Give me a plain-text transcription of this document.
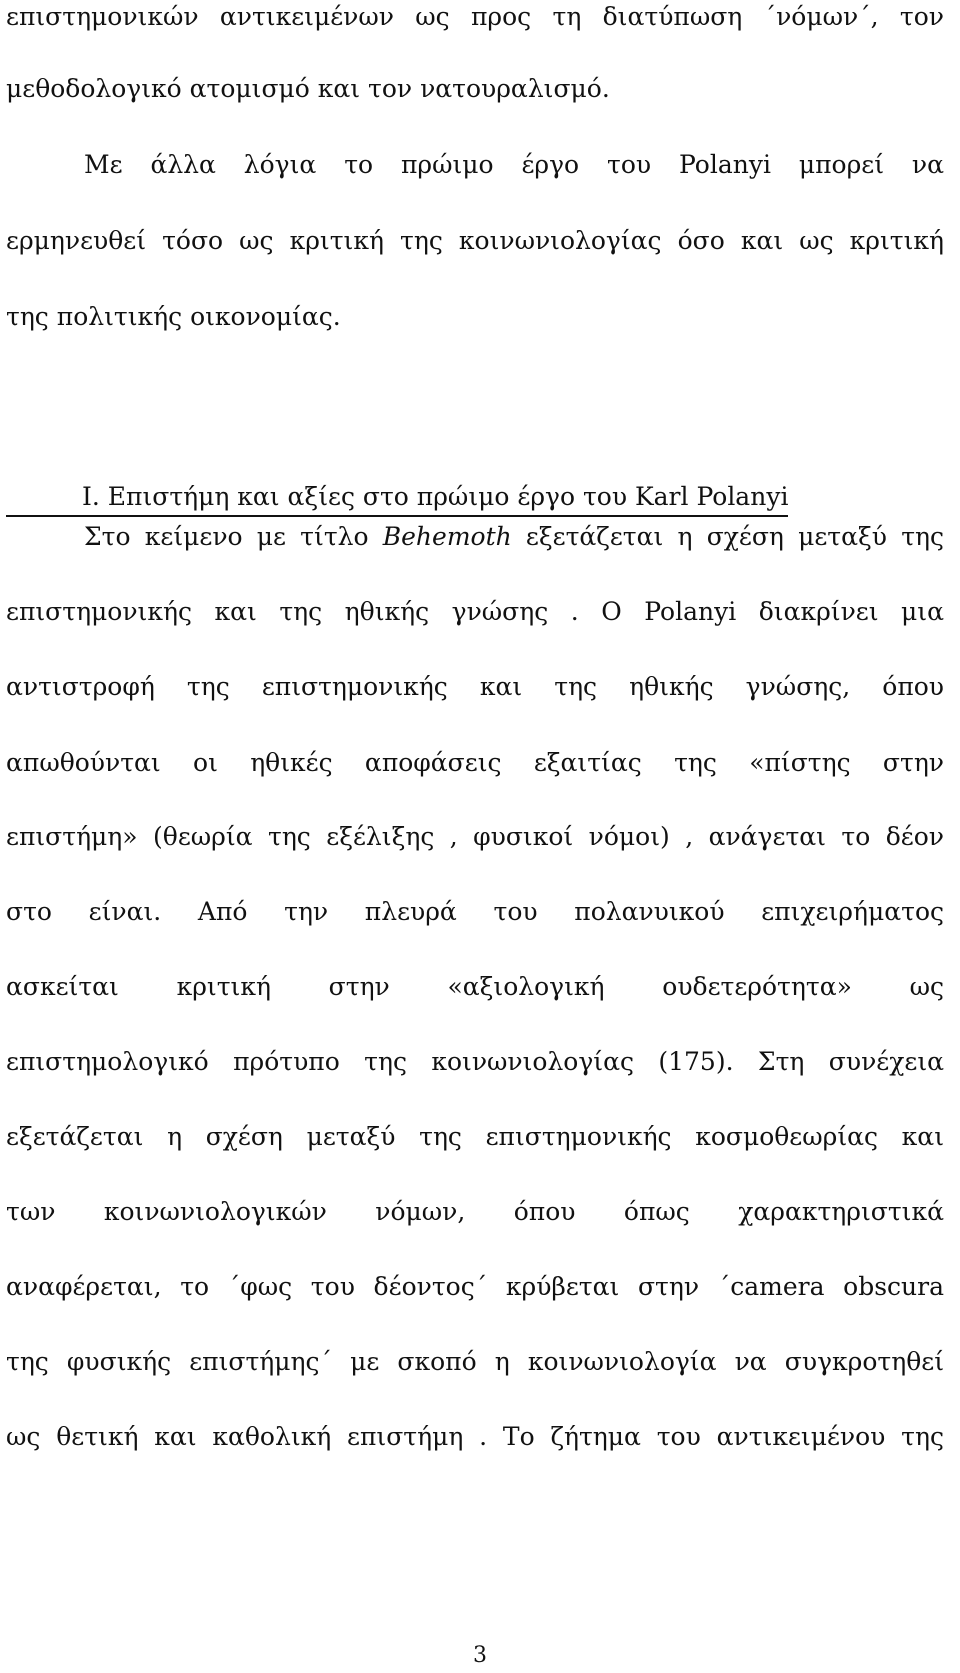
επιστημονικών αντικειμένων ως προς τη διατύπωση ΄νόμων΄, τον
μεθοδολογικό ατομισμό και τον νατουραλισμό.
Με άλλα λόγια το πρώιμο έργο του Polanyi μπορεί να
ερμηνευθεί τόσο ως κριτική της κοινωνιολογίας όσο και ως κριτική
της πολιτικής οικονομίας.
I. Επιστήμη και αξίες στο πρώιμο έργο του Karl Polanyi
Στο κείμενο με τίτλο Behemoth εξετάζεται η σχέση μεταξύ της
επιστημονικής και της ηθικής γνώσης . Ο Polanyi διακρίνει μια
αντιστροφή της επιστημονικής και της ηθικής γνώσης, όπου
απωθούνται οι ηθικές αποφάσεις εξαιτίας της «πίστης στην
επιστήμη» (θεωρία της εξέλιξης , φυσικοί νόμοι) , ανάγεται το δέον
στο είναι. Από την πλευρά του πολανυικού επιχειρήματος
ασκείται κριτική στην «αξιολογική ουδετερότητα» ως
επιστημολογικό πρότυπο της κοινωνιολογίας (175). Στη συνέχεια
εξετάζεται η σχέση μεταξύ της επιστημονικής κοσμοθεωρίας και
των κοινωνιολογικών νόμων, όπου όπως χαρακτηριστικά
αναφέρεται, το ΄φως του δέοντος΄ κρύβεται στην ΄camera obscura
της φυσικής επιστήμης΄ με σκοπό η κοινωνιολογία να συγκροτηθεί
ως θετική και καθολική επιστήμη . Το ζήτημα του αντικειμένου της
3
